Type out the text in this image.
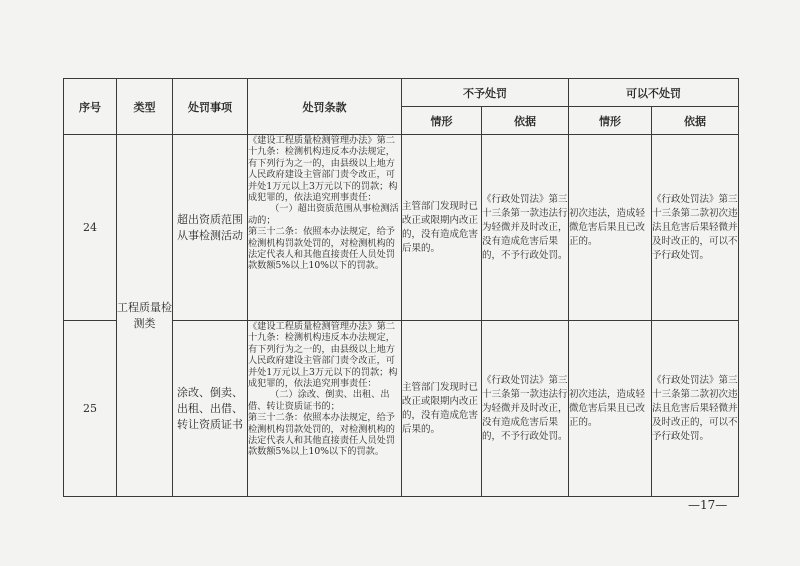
序号	类型	处罚事项	处罚条款	不予处罚		可以不处罚	
				情形	依据	情形	依据
24	工程质量检测类	超出资质范围从事检测活动	《建设工程质量检测管理办法》第二十九条：检测机构违反本办法规定，有下列行为之一的，由县级以上地方人民政府建设主管部门责令改正，可并处1万元以上3万元以下的罚款；构成犯罪的，依法追究刑事责任：

（一）超出资质范围从事检测活动的；

第三十二条：依照本办法规定，给予检测机构罚款处罚的，对检测机构的法定代表人和其他直接责任人员处罚款数额5%以上10%以下的罚款。	主管部门发现时已改正或限期内改正的，没有造成危害后果的。	《行政处罚法》第三十三条第一款违法行为轻微并及时改正，没有造成危害后果的，不予行政处罚。	初次违法，造成轻微危害后果且已改正的。	《行政处罚法》第三十三条第二款初次违法且危害后果轻微并及时改正的，可以不予行政处罚。
25		涂改、倒卖、出租、出借、转让资质证书	《建设工程质量检测管理办法》第二十九条：检测机构违反本办法规定，有下列行为之一的，由县级以上地方人民政府建设主管部门责令改正，可并处1万元以上3万元以下的罚款；构成犯罪的，依法追究刑事责任：

（二）涂改、倒卖、出租、出借、转让资质证书的；

第三十二条：依照本办法规定，给予检测机构罚款处罚的，对检测机构的法定代表人和其他直接责任人员处罚款数额5%以上10%以下的罚款。	主管部门发现时已改正或限期内改正的，没有造成危害后果的。	《行政处罚法》第三十三条第一款违法行为轻微并及时改正，没有造成危害后果的，不予行政处罚。	初次违法，造成轻微危害后果且已改正的。	《行政处罚法》第三十三条第二款初次违法且危害后果轻微并及时改正的，可以不予行政处罚。
—17—
